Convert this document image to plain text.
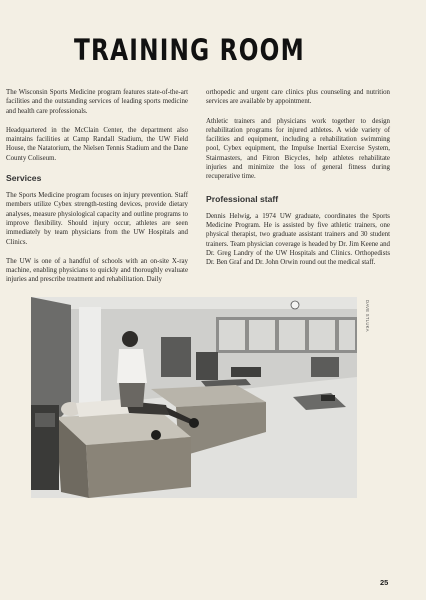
TRAINING ROOM

The Wisconsin Sports Medicine program features state-of-the-art facilities and the outstanding services of leading sports medicine and health care professionals.

Headquartered in the McClain Center, the department also maintains facilities at Camp Randall Stadium, the UW Field House, the Natatorium, the Nielsen Tennis Stadium and the Dane County Coliseum.

Services

The Sports Medicine program focuses on injury prevention. Staff members utilize Cybex strength-testing devices, provide dietary analyses, measure physiological capacity and outline programs to improve flexibility. Should injury occur, athletes are seen immediately by team physicians from the UW Hospitals and Clinics.

The UW is one of a handful of schools with an on-site X-ray machine, enabling physicians to quickly and thoroughly evaluate injuries and prescribe treatment and rehabilitation. Daily

orthopedic and urgent care clinics plus counseling and nutrition services are available by appointment.

Athletic trainers and physicians work together to design rehabilitation programs for injured athletes. A wide variety of facilities and equipment, including a rehabilitation swimming pool, Cybex equipment, the Impulse Inertial Exercise System, Stairmasters, and Fitron Bicycles, help athletes rehabilitate injuries and minimize the loss of general fitness during recuperative time.

Professional staff

Dennis Helwig, a 1974 UW graduate, coordinates the Sports Medicine Program. He is assisted by five athletic trainers, one physical therapist, two graduate assistant trainers and 30 student trainers. Team physician coverage is headed by Dr. Jim Keene and Dr. Greg Landry of the UW Hospitals and Clinics. Orthopedists Dr. Ben Graf and Dr. John Orwin round out the medical staff.

DAVE STLUKA
25
